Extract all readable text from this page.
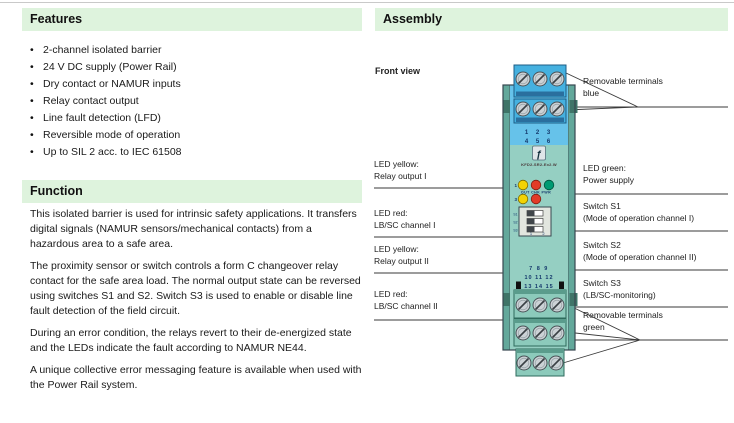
Features
• 2-channel isolated barrier
• 24 V DC supply (Power Rail)
• Dry contact or NAMUR inputs
• Relay contact output
• Line fault detection (LFD)
• Reversible mode of operation
• Up to SIL 2 acc. to IEC 61508
Function

This isolated barrier is used for intrinsic safety applications. It transfers digital signals (NAMUR sensors/mechanical contacts) from a hazardous area to a safe area.

The proximity sensor or switch controls a form C changeover relay contact for the safe area load. The normal output state can be reversed using switches S1 and S2. Switch S3 is used to enable or disable line fault detection of the field circuit.

During an error condition, the relays revert to their de-energized state and the LEDs indicate the fault according to NAMUR NE44.

A unique collective error messaging feature is available when used with the Power Rail system.

Assembly
Front view
1 2 3
4 5 6
ƒ
KFD2-SR2-Ex2.W
1
OUT CHK PWR
3
S1
S2
S3
1	2
7 8 9
10 11 12
13 14 15
LED yellow:
Relay output I
LED red:
LB/SC channel I
LED yellow:
Relay output II
LED red:
LB/SC channel II
Removable terminals
blue
LED green:
Power supply
Switch S1
(Mode of operation channel I)
Switch S2
(Mode of operation channel II)
Switch S3
(LB/SC-monitoring)
Removable terminals
green
